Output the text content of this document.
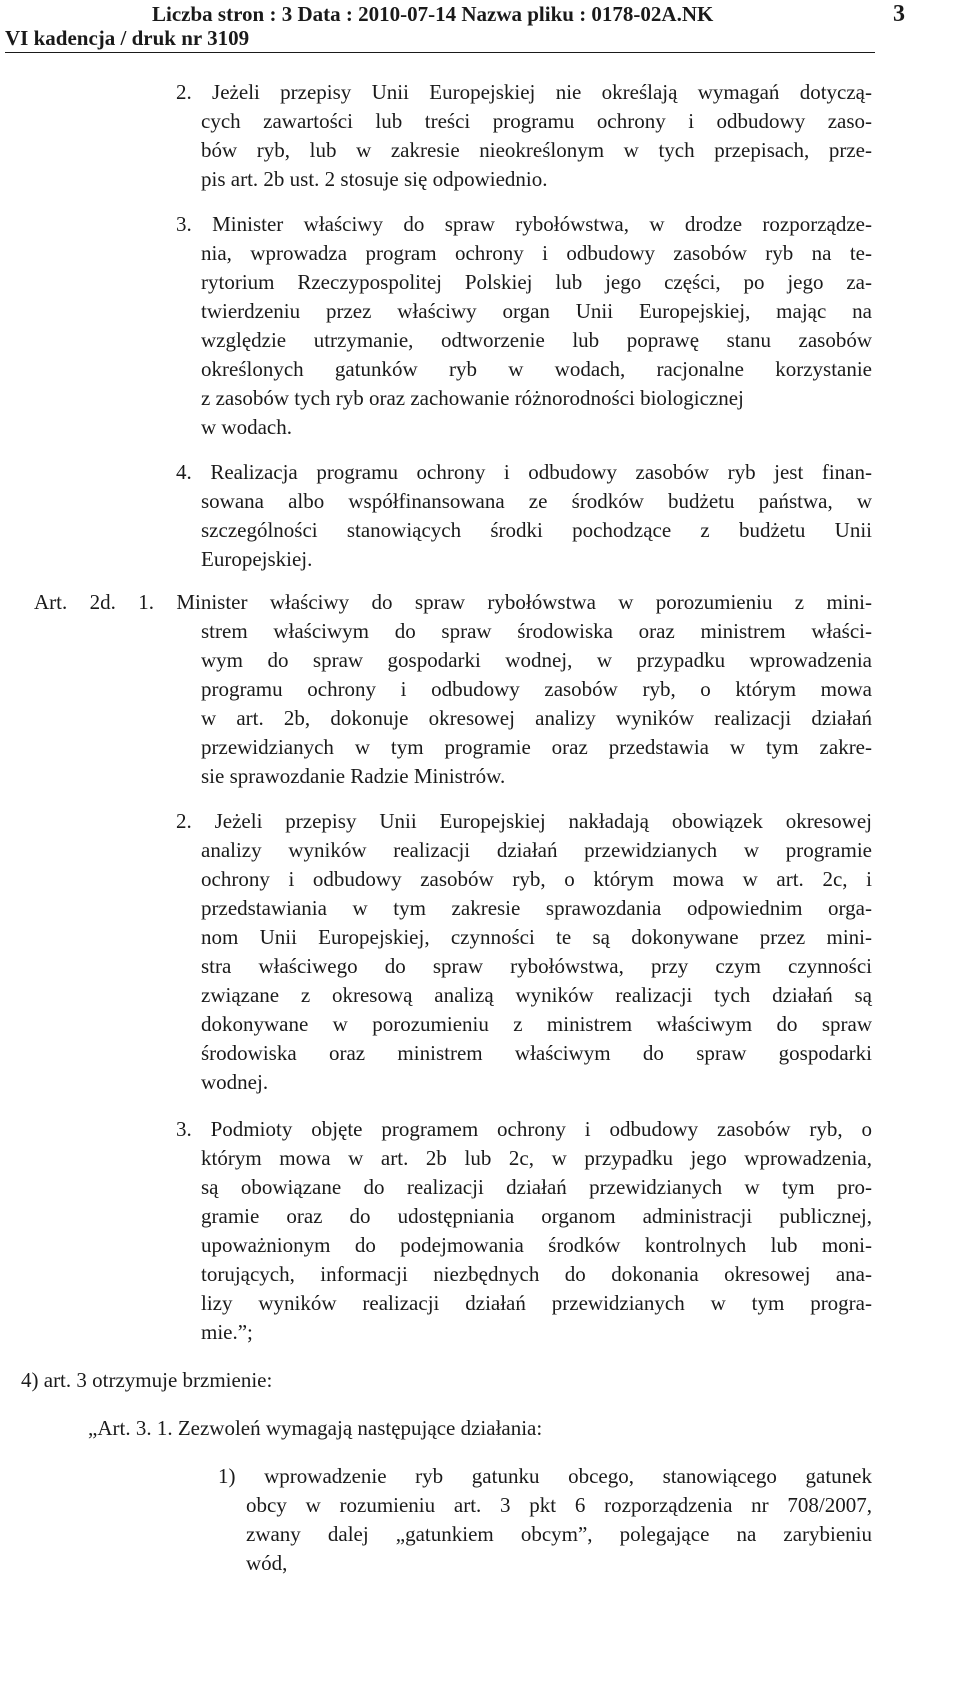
Liczba stron : 3 Data : 2010-07-14 Nazwa pliku : 0178-02A.NK
VI kadencja / druk nr 3109
3
2. Jeżeli przepisy Unii Europejskiej nie określają wymagań dotyczą-
cych zawartości lub treści programu ochrony i odbudowy zaso-
bów ryb, lub w zakresie nieokreślonym w tych przepisach, prze-
pis art. 2b ust. 2 stosuje się odpowiednio.
3. Minister właściwy do spraw rybołówstwa, w drodze rozporządze-
nia, wprowadza program ochrony i odbudowy zasobów ryb na te-
rytorium Rzeczypospolitej Polskiej lub jego części, po jego za-
twierdzeniu przez właściwy organ Unii Europejskiej, mając na
względzie utrzymanie, odtworzenie lub poprawę stanu zasobów
określonych gatunków ryb w wodach, racjonalne korzystanie
z zasobów tych ryb oraz zachowanie różnorodności biologicznej
w wodach.
4. Realizacja programu ochrony i odbudowy zasobów ryb jest finan-
sowana albo współfinansowana ze środków budżetu państwa, w
szczególności stanowiących środki pochodzące z budżetu Unii
Europejskiej.
Art. 2d. 1. Minister właściwy do spraw rybołówstwa w porozumieniu z mini-
strem właściwym do spraw środowiska oraz ministrem właści-
wym do spraw gospodarki wodnej, w przypadku wprowadzenia
programu ochrony i odbudowy zasobów ryb, o którym mowa
w art. 2b, dokonuje okresowej analizy wyników realizacji działań
przewidzianych w tym programie oraz przedstawia w tym zakre-
sie sprawozdanie Radzie Ministrów.
2. Jeżeli przepisy Unii Europejskiej nakładają obowiązek okresowej
analizy wyników realizacji działań przewidzianych w programie
ochrony i odbudowy zasobów ryb, o którym mowa w art. 2c, i
przedstawiania w tym zakresie sprawozdania odpowiednim orga-
nom Unii Europejskiej, czynności te są dokonywane przez mini-
stra właściwego do spraw rybołówstwa, przy czym czynności
związane z okresową analizą wyników realizacji tych działań są
dokonywane w porozumieniu z ministrem właściwym do spraw
środowiska oraz ministrem właściwym do spraw gospodarki
wodnej.
3. Podmioty objęte programem ochrony i odbudowy zasobów ryb, o
którym mowa w art. 2b lub 2c, w przypadku jego wprowadzenia,
są obowiązane do realizacji działań przewidzianych w tym pro-
gramie oraz do udostępniania organom administracji publicznej,
upoważnionym do podejmowania środków kontrolnych lub moni-
torujących, informacji niezbędnych do dokonania okresowej ana-
lizy wyników realizacji działań przewidzianych w tym progra-
mie.”;
4) art. 3 otrzymuje brzmienie:
„Art. 3. 1. Zezwoleń wymagają następujące działania:
1) wprowadzenie ryb gatunku obcego, stanowiącego gatunek
obcy w rozumieniu art. 3 pkt 6 rozporządzenia nr 708/2007,
zwany dalej „gatunkiem obcym”, polegające na zarybieniu
wód,
